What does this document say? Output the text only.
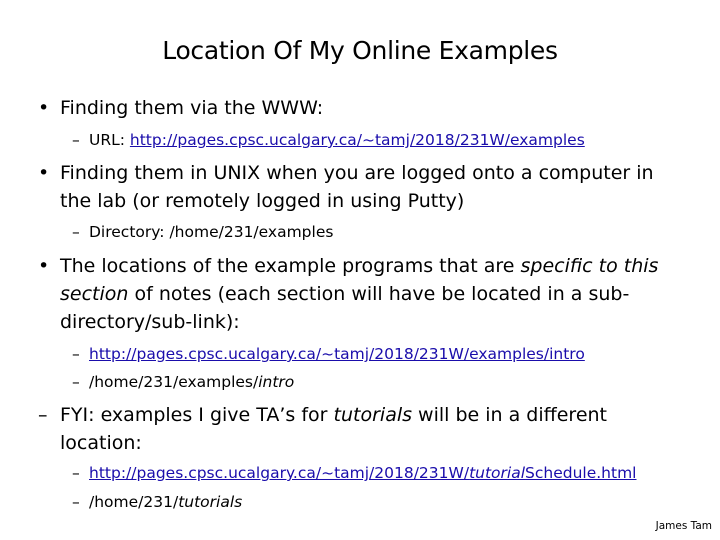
Location Of My Online Examples
• Finding them via the WWW:
– URL: http://pages.cpsc.ucalgary.ca/~tamj/2018/231W/examples
• Finding them in UNIX when you are logged onto a computer in the lab (or remotely logged in using Putty)
– Directory: /home/231/examples
• The locations of the example programs that are specific to this section of notes (each section will have be located in a sub-directory/sub-link):
– http://pages.cpsc.ucalgary.ca/~tamj/2018/231W/examples/intro
– /home/231/examples/intro
– FYI: examples I give TA’s for tutorials will be in a different location:
– http://pages.cpsc.ucalgary.ca/~tamj/2018/231W/tutorialSchedule.html
– /home/231/tutorials
James Tam
